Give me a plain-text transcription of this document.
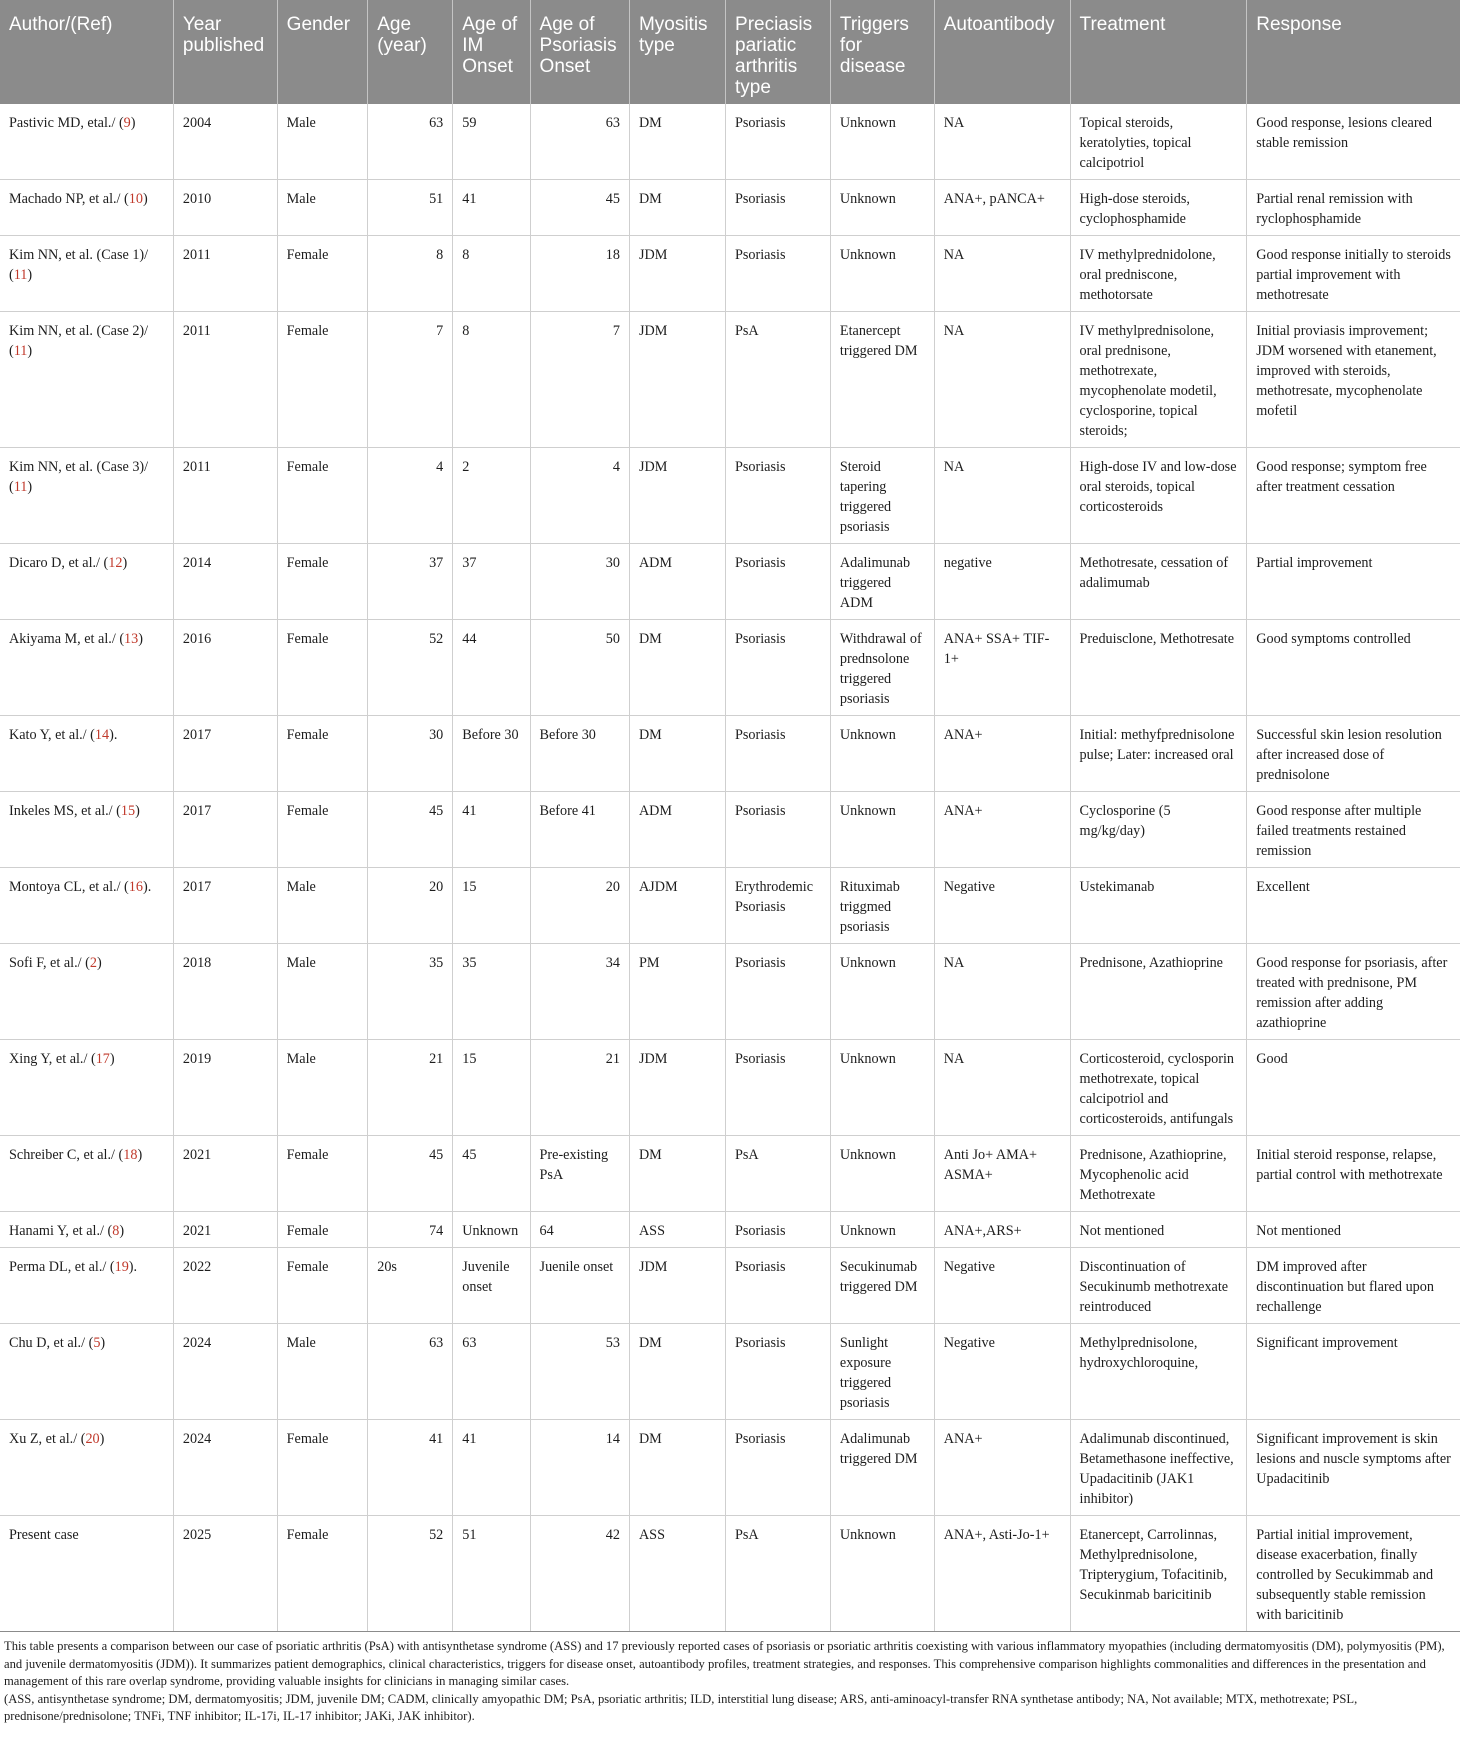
Author/(Ref)	Year published	Gender	Age (year)	Age of IM Onset	Age of Psoriasis Onset	Myositis type	Preciasis pariatic arthritis type	Triggers for disease	Autoantibody	Treatment	Response
Pastivic MD, etal./ (9)	2004	Male	63	59	63	DM	Psoriasis	Unknown	NA	Topical steroids, keratolyties, topical calcipotriol	Good response, lesions cleared stable remission
Machado NP, et al./ (10)	2010	Male	51	41	45	DM	Psoriasis	Unknown	ANA+, pANCA+	High-dose steroids, cyclophosphamide	Partial renal remission with ryclophosphamide
Kim NN, et al. (Case 1)/ (11)	2011	Female	8	8	18	JDM	Psoriasis	Unknown	NA	IV methylprednidolone, oral predniscone, methotorsate	Good response initially to steroids partial improvement with methotresate
Kim NN, et al. (Case 2)/ (11)	2011	Female	7	8	7	JDM	PsA	Etanercept triggered DM	NA	IV methylprednisolone, oral prednisone, methotrexate, mycophenolate modetil, cyclosporine, topical steroids;	Initial proviasis improvement; JDM worsened with etanement, improved with steroids, methotresate, mycophenolate mofetil
Kim NN, et al. (Case 3)/ (11)	2011	Female	4	2	4	JDM	Psoriasis	Steroid tapering triggered psoriasis	NA	High-dose IV and low-dose oral steroids, topical corticosteroids	Good response; symptom free after treatment cessation
Dicaro D, et al./ (12)	2014	Female	37	37	30	ADM	Psoriasis	Adalimunab triggered ADM	negative	Methotresate, cessation of adalimumab	Partial improvement
Akiyama M, et al./ (13)	2016	Female	52	44	50	DM	Psoriasis	Withdrawal of prednsolone triggered psoriasis	ANA+ SSA+ TIF-1+	Preduisclone, Methotresate	Good symptoms controlled
Kato Y, et al./ (14).	2017	Female	30	Before 30	Before 30	DM	Psoriasis	Unknown	ANA+	Initial: methyfprednisolone pulse; Later: increased oral	Successful skin lesion resolution after increased dose of prednisolone
Inkeles MS, et al./ (15)	2017	Female	45	41	Before 41	ADM	Psoriasis	Unknown	ANA+	Cyclosporine (5 mg/kg/day)	Good response after multiple failed treatments restained remission
Montoya CL, et al./ (16).	2017	Male	20	15	20	AJDM	Erythrodemic Psoriasis	Rituximab triggmed psoriasis	Negative	Ustekimanab	Excellent
Sofi F, et al./ (2)	2018	Male	35	35	34	PM	Psoriasis	Unknown	NA	Prednisone, Azathioprine	Good response for psoriasis, after treated with prednisone, PM remission after adding azathioprine
Xing Y, et al./ (17)	2019	Male	21	15	21	JDM	Psoriasis	Unknown	NA	Corticosteroid, cyclosporin methotrexate, topical calcipotriol and corticosteroids, antifungals	Good
Schreiber C, et al./ (18)	2021	Female	45	45	Pre-existing PsA	DM	PsA	Unknown	Anti Jo+ AMA+ ASMA+	Prednisone, Azathioprine, Mycophenolic acid Methotrexate	Initial steroid response, relapse, partial control with methotrexate
Hanami Y, et al./ (8)	2021	Female	74	Unknown	64	ASS	Psoriasis	Unknown	ANA+,ARS+	Not mentioned	Not mentioned
Perma DL, et al./ (19).	2022	Female	20s	Juvenile onset	Juenile onset	JDM	Psoriasis	Secukinumab triggered DM	Negative	Discontinuation of Secukinumb methotrexate reintroduced	DM improved after discontinuation but flared upon rechallenge
Chu D, et al./ (5)	2024	Male	63	63	53	DM	Psoriasis	Sunlight exposure triggered psoriasis	Negative	Methylprednisolone, hydroxychloroquine,	Significant improvement
Xu Z, et al./ (20)	2024	Female	41	41	14	DM	Psoriasis	Adalimunab triggered DM	ANA+	Adalimunab discontinued, Betamethasone ineffective, Upadacitinib (JAK1 inhibitor)	Significant improvement is skin lesions and nuscle symptoms after Upadacitinib
Present case	2025	Female	52	51	42	ASS	PsA	Unknown	ANA+, Asti-Jo-1+	Etanercept, Carrolinnas, Methylprednisolone, Tripterygium, Tofacitinib, Secukinmab baricitinib	Partial initial improvement, disease exacerbation, finally controlled by Secukimmab and subsequently stable remission with baricitinib

This table presents a comparison between our case of psoriatic arthritis (PsA) with antisynthetase syndrome (ASS) and 17 previously reported cases of psoriasis or psoriatic arthritis coexisting with various inflammatory myopathies (including dermatomyositis (DM), polymyositis (PM), and juvenile dermatomyositis (JDM)). It summarizes patient demographics, clinical characteristics, triggers for disease onset, autoantibody profiles, treatment strategies, and responses. This comprehensive comparison highlights commonalities and differences in the presentation and management of this rare overlap syndrome, providing valuable insights for clinicians in managing similar cases.

(ASS, antisynthetase syndrome; DM, dermatomyositis; JDM, juvenile DM; CADM, clinically amyopathic DM; PsA, psoriatic arthritis; ILD, interstitial lung disease; ARS, anti-aminoacyl-transfer RNA synthetase antibody; NA, Not available; MTX, methotrexate; PSL, prednisone/prednisolone; TNFi, TNF inhibitor; IL-17i, IL-17 inhibitor; JAKi, JAK inhibitor).
